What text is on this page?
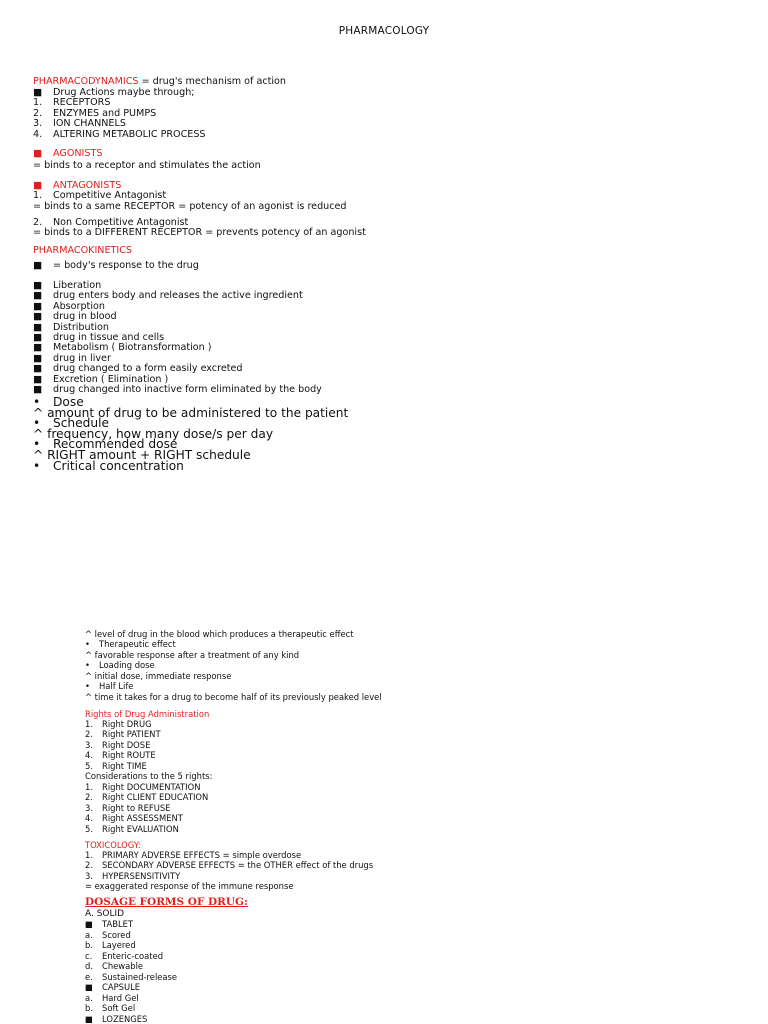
PHARMACOLOGY
PHARMACODYNAMICS = drug's mechanism of action
■ Drug Actions maybe through;
1. RECEPTORS
2. ENZYMES and PUMPS
3. ION CHANNELS
4. ALTERING METABOLIC PROCESS
■ AGONISTS
= binds to a receptor and stimulates the action
■ ANTAGONISTS
1. Competitive Antagonist
= binds to a same RECEPTOR = potency of an agonist is reduced
2. Non Competitive Antagonist
= binds to a DIFFERENT RECEPTOR = prevents potency of an agonist
PHARMACOKINETICS
■ = body's response to the drug
■ Liberation
■ drug enters body and releases the active ingredient
■ Absorption
■ drug in blood
■ Distribution
■ drug in tissue and cells
■ Metabolism ( Biotransformation )
■ drug in liver
■ drug changed to a form easily excreted
■ Excretion ( Elimination )
■ drug changed into inactive form eliminated by the body
• Dose
^ amount of drug to be administered to the patient
• Schedule
^ frequency, how many dose/s per day
• Recommended dose
^ RIGHT amount + RIGHT schedule
• Critical concentration
^ level of drug in the blood which produces a therapeutic effect
• Therapeutic effect
^ favorable response after a treatment of any kind
• Loading dose
^ initial dose, immediate response
• Half Life
^ time it takes for a drug to become half of its previously peaked level
Rights of Drug Administration
1. Right DRUG
2. Right PATIENT
3. Right DOSE
4. Right ROUTE
5. Right TIME
Considerations to the 5 rights:
1. Right DOCUMENTATION
2. Right CLIENT EDUCATION
3. Right to REFUSE
4. Right ASSESSMENT
5. Right EVALUATION
TOXICOLOGY:
1. PRIMARY ADVERSE EFFECTS = simple overdose
2. SECONDARY ADVERSE EFFECTS = the OTHER effect of the drugs
3. HYPERSENSITIVITY
= exaggerated response of the immune response
DOSAGE FORMS OF DRUG:
A. SOLID
■ TABLET
a. Scored
b. Layered
c. Enteric-coated
d. Chewable
e. Sustained-release
■ CAPSULE
a. Hard Gel
b. Soft Gel
■ LOZENGES
